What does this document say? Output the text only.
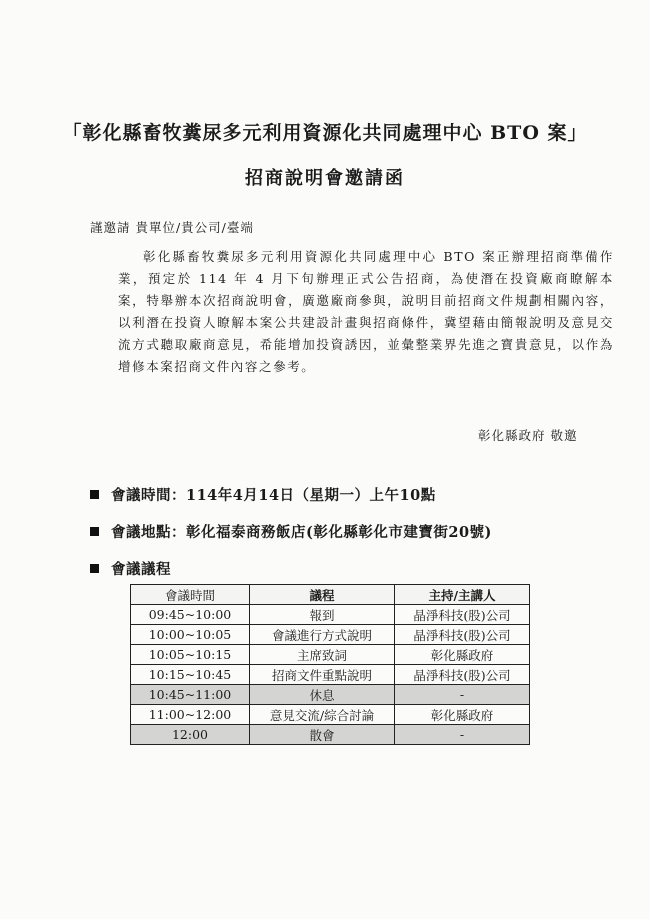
「彰化縣畜牧糞尿多元利用資源化共同處理中心 BTO 案」
招商說明會邀請函
謹邀請 貴單位/貴公司/臺端
彰化縣畜牧糞尿多元利用資源化共同處理中心 BTO 案正辦理招商準備作業，預定於 114 年 4 月下旬辦理正式公告招商，為使潛在投資廠商瞭解本案，特舉辦本次招商說明會，廣邀廠商參與，說明目前招商文件規劃相關內容，以利潛在投資人瞭解本案公共建設計畫與招商條件，冀望藉由簡報說明及意見交流方式聽取廠商意見，希能增加投資誘因，並彙整業界先進之寶貴意見，以作為增修本案招商文件內容之參考。
彰化縣政府 敬邀
會議時間：114年4月14日（星期一）上午10點
會議地點：彰化福泰商務飯店(彰化縣彰化市建寶街20號)
會議議程
會議時間	議程	主持/主講人
09:45~10:00	報到	晶淨科技(股)公司
10:00~10:05	會議進行方式說明	晶淨科技(股)公司
10:05~10:15	主席致詞	彰化縣政府
10:15~10:45	招商文件重點說明	晶淨科技(股)公司
10:45~11:00	休息	-
11:00~12:00	意見交流/綜合討論	彰化縣政府
12:00	散會	-
